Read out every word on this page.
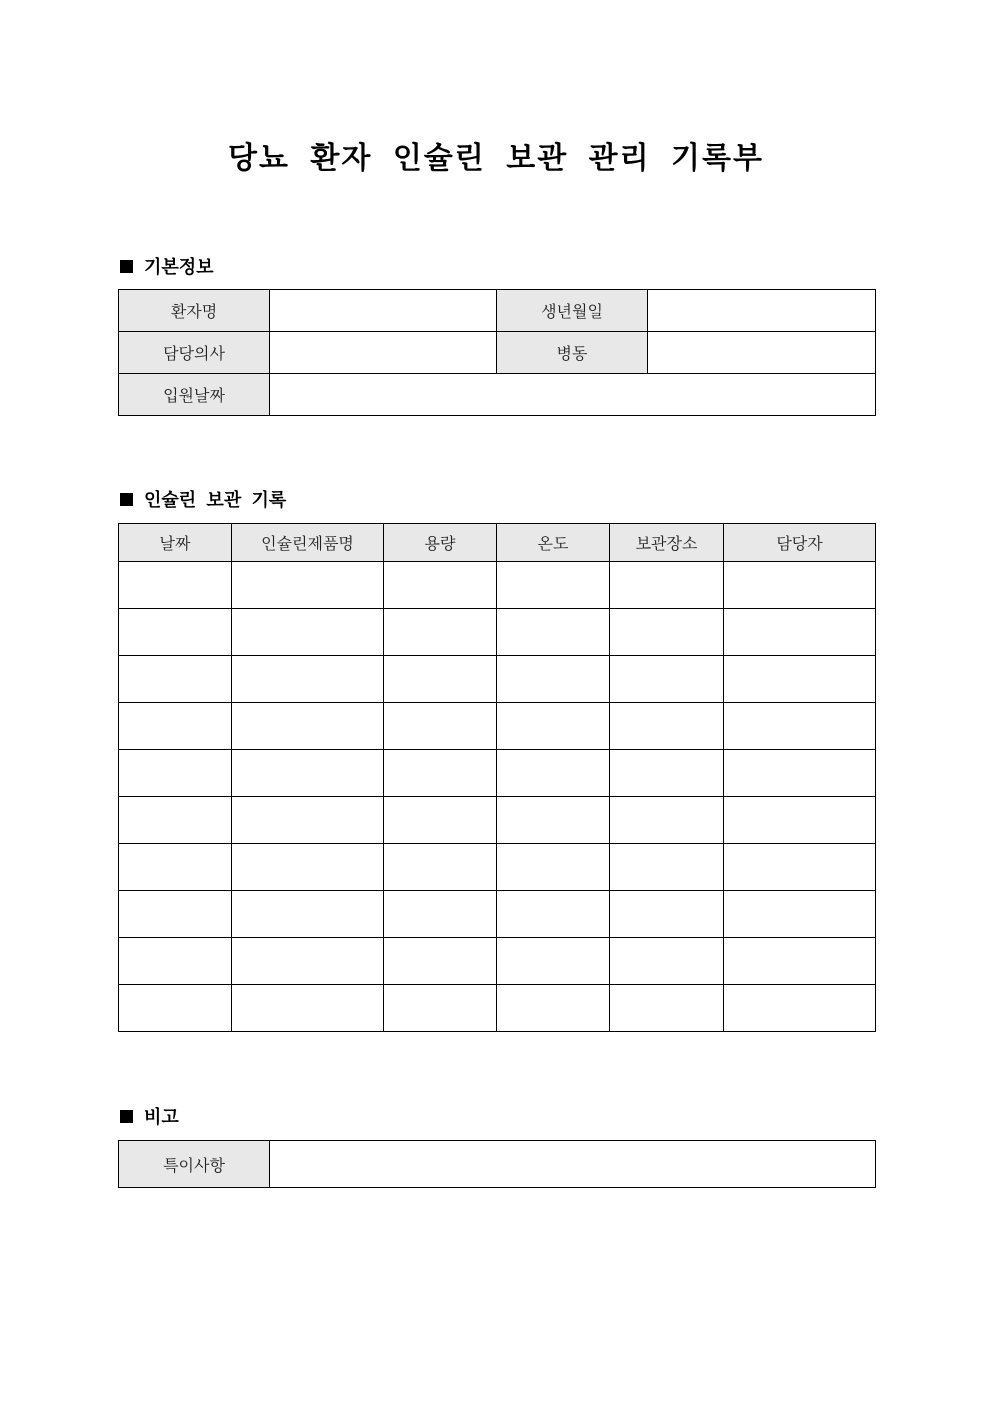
당뇨 환자 인슐린 보관 관리 기록부
기본정보
환자명		생년월일	
담당의사		병동	
입원날짜			
인슐린 보관 기록
날짜	인슐린제품명	용량	온도	보관장소	담당자

비고
특이사항	
